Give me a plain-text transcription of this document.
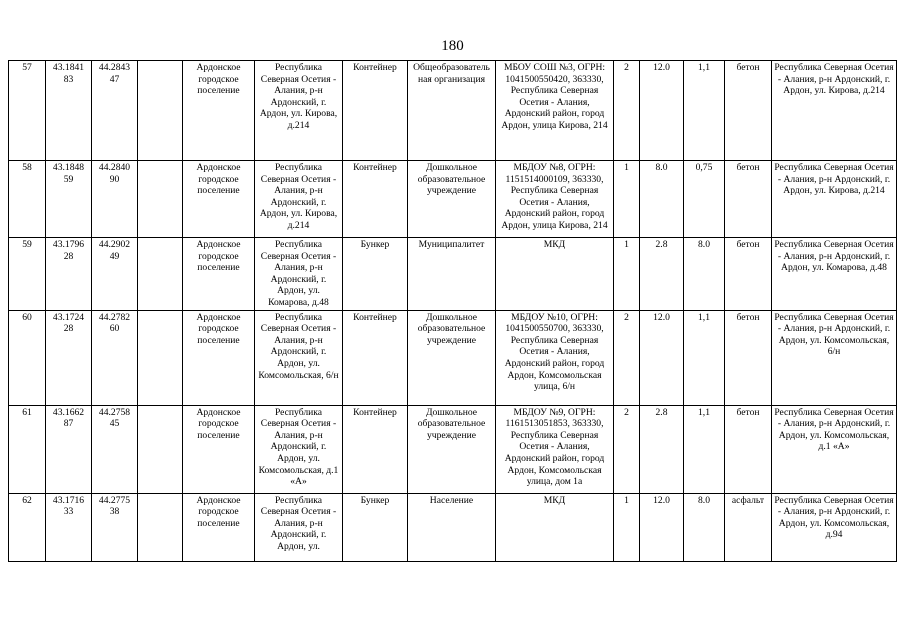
180
57	43.1841 83	44.2843 47		Ардонское городское поселение	Республика Северная Осетия - Алания, р-н Ардонский, г. Ардон, ул. Кирова, д.214	Контейнер	Общеобразователь ная организация	МБОУ СОШ №3, ОГРН: 1041500550420, 363330, Республика Северная Осетия - Алания, Ардонский район, город Ардон, улица Кирова, 214	2	12.0	1,1	бетон	Республика Северная Осетия - Алания, р-н Ардонский, г. Ардон, ул. Кирова, д.214
58	43.1848 59	44.2840 90		Ардонское городское поселение	Республика Северная Осетия - Алания, р-н Ардонский, г. Ардон, ул. Кирова, д.214	Контейнер	Дошкольное образовательное учреждение	МБДОУ №8, ОГРН: 1151514000109, 363330, Республика Северная Осетия - Алания, Ардонский район, город Ардон, улица Кирова, 214	1	8.0	0,75	бетон	Республика Северная Осетия - Алания, р-н Ардонский, г. Ардон, ул. Кирова, д.214
59	43.1796 28	44.2902 49		Ардонское городское поселение	Республика Северная Осетия - Алания, р-н Ардонский, г. Ардон, ул. Комарова, д.48	Бункер	Муниципалитет	МКД	1	2.8	8.0	бетон	Республика Северная Осетия - Алания, р-н Ардонский, г. Ардон, ул. Комарова, д.48
60	43.1724 28	44.2782 60		Ардонское городское поселение	Республика Северная Осетия - Алания, р-н Ардонский, г. Ардон, ул. Комсомольская, 6/н	Контейнер	Дошкольное образовательное учреждение	МБДОУ №10, ОГРН: 1041500550700, 363330, Республика Северная Осетия - Алания, Ардонский район, город Ардон, Комсомольская улица, 6/н	2	12.0	1,1	бетон	Республика Северная Осетия - Алания, р-н Ардонский, г. Ардон, ул. Комсомольская, 6/н
61	43.1662 87	44.2758 45		Ардонское городское поселение	Республика Северная Осетия - Алания, р-н Ардонский, г. Ардон, ул. Комсомольская, д.1 «А»	Контейнер	Дошкольное образовательное учреждение	МБДОУ №9, ОГРН: 1161513051853, 363330, Республика Северная Осетия - Алания, Ардонский район, город Ардон, Комсомольская улица, дом 1а	2	2.8	1,1	бетон	Республика Северная Осетия - Алания, р-н Ардонский, г. Ардон, ул. Комсомольская, д.1 «А»
62	43.1716 33	44.2775 38		Ардонское городское поселение	Республика Северная Осетия - Алания, р-н Ардонский, г. Ардон, ул.	Бункер	Население	МКД	1	12.0	8.0	асфальт	Республика Северная Осетия - Алания, р-н Ардонский, г. Ардон, ул. Комсомольская, д.94
